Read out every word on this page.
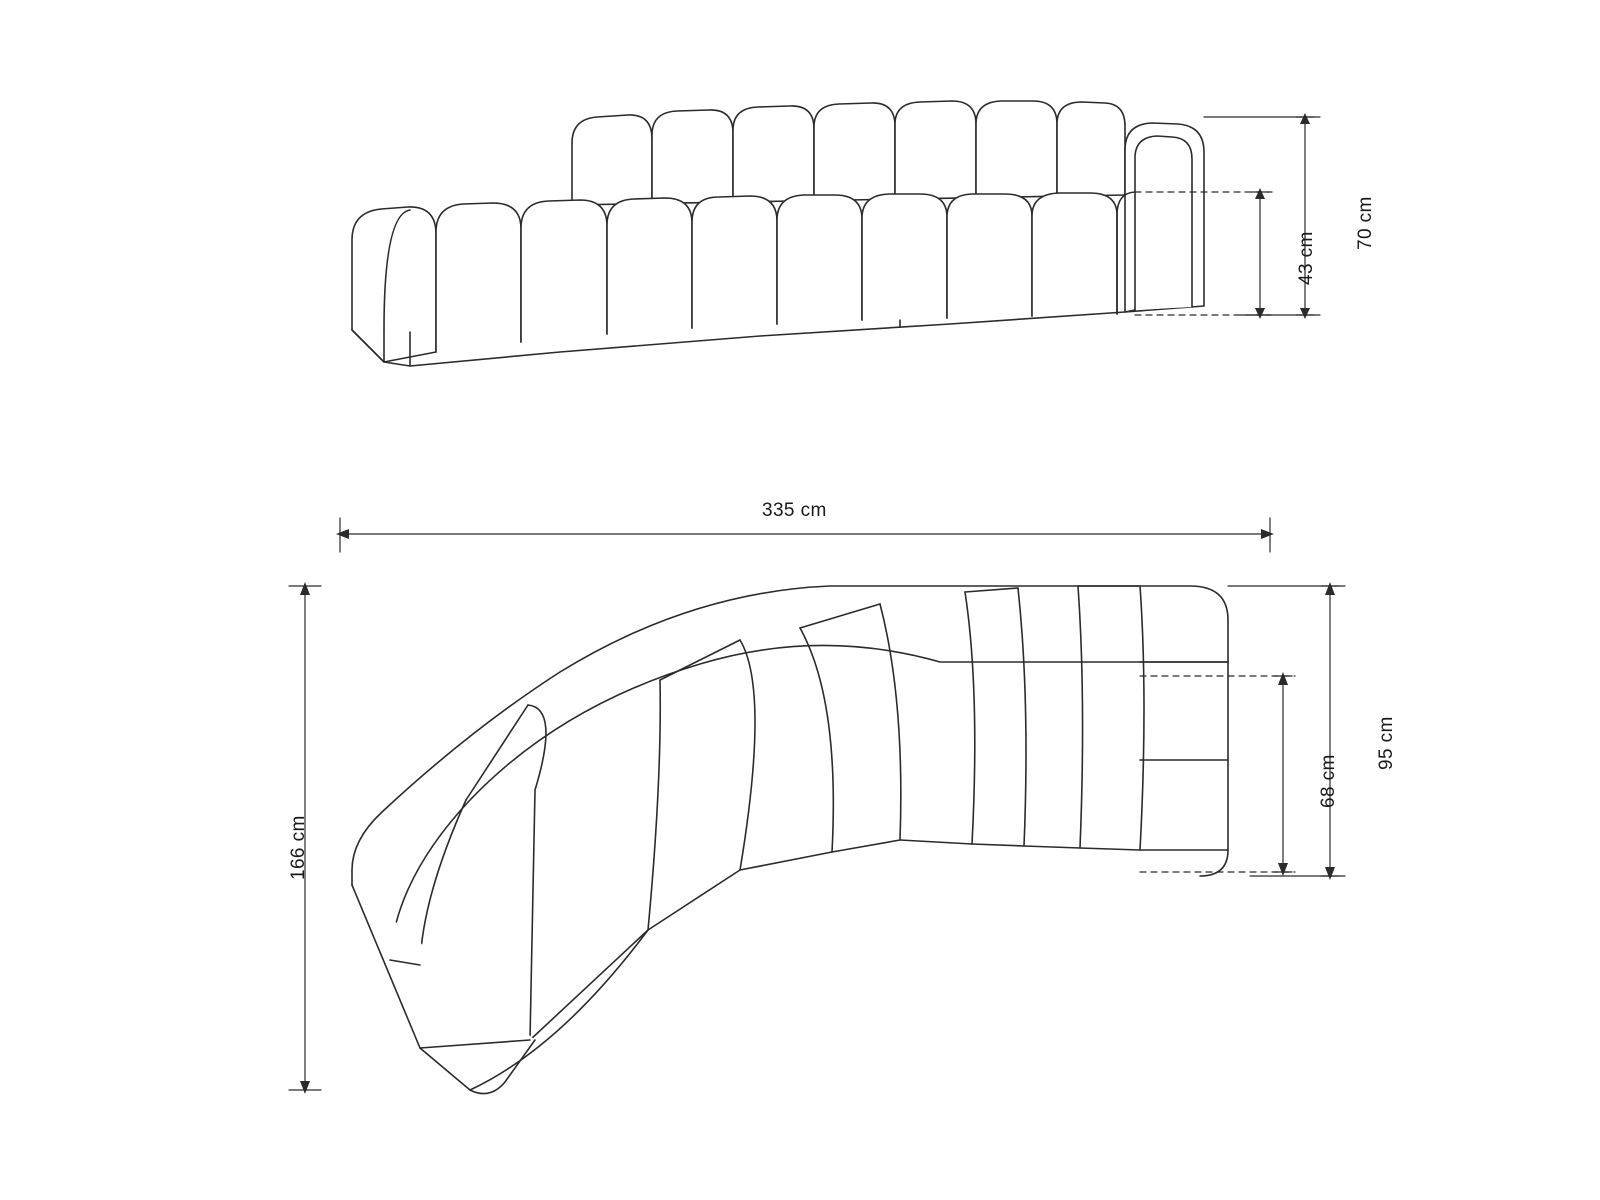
70 cm
43 cm
335 cm
166 cm
95 cm
68 cm
